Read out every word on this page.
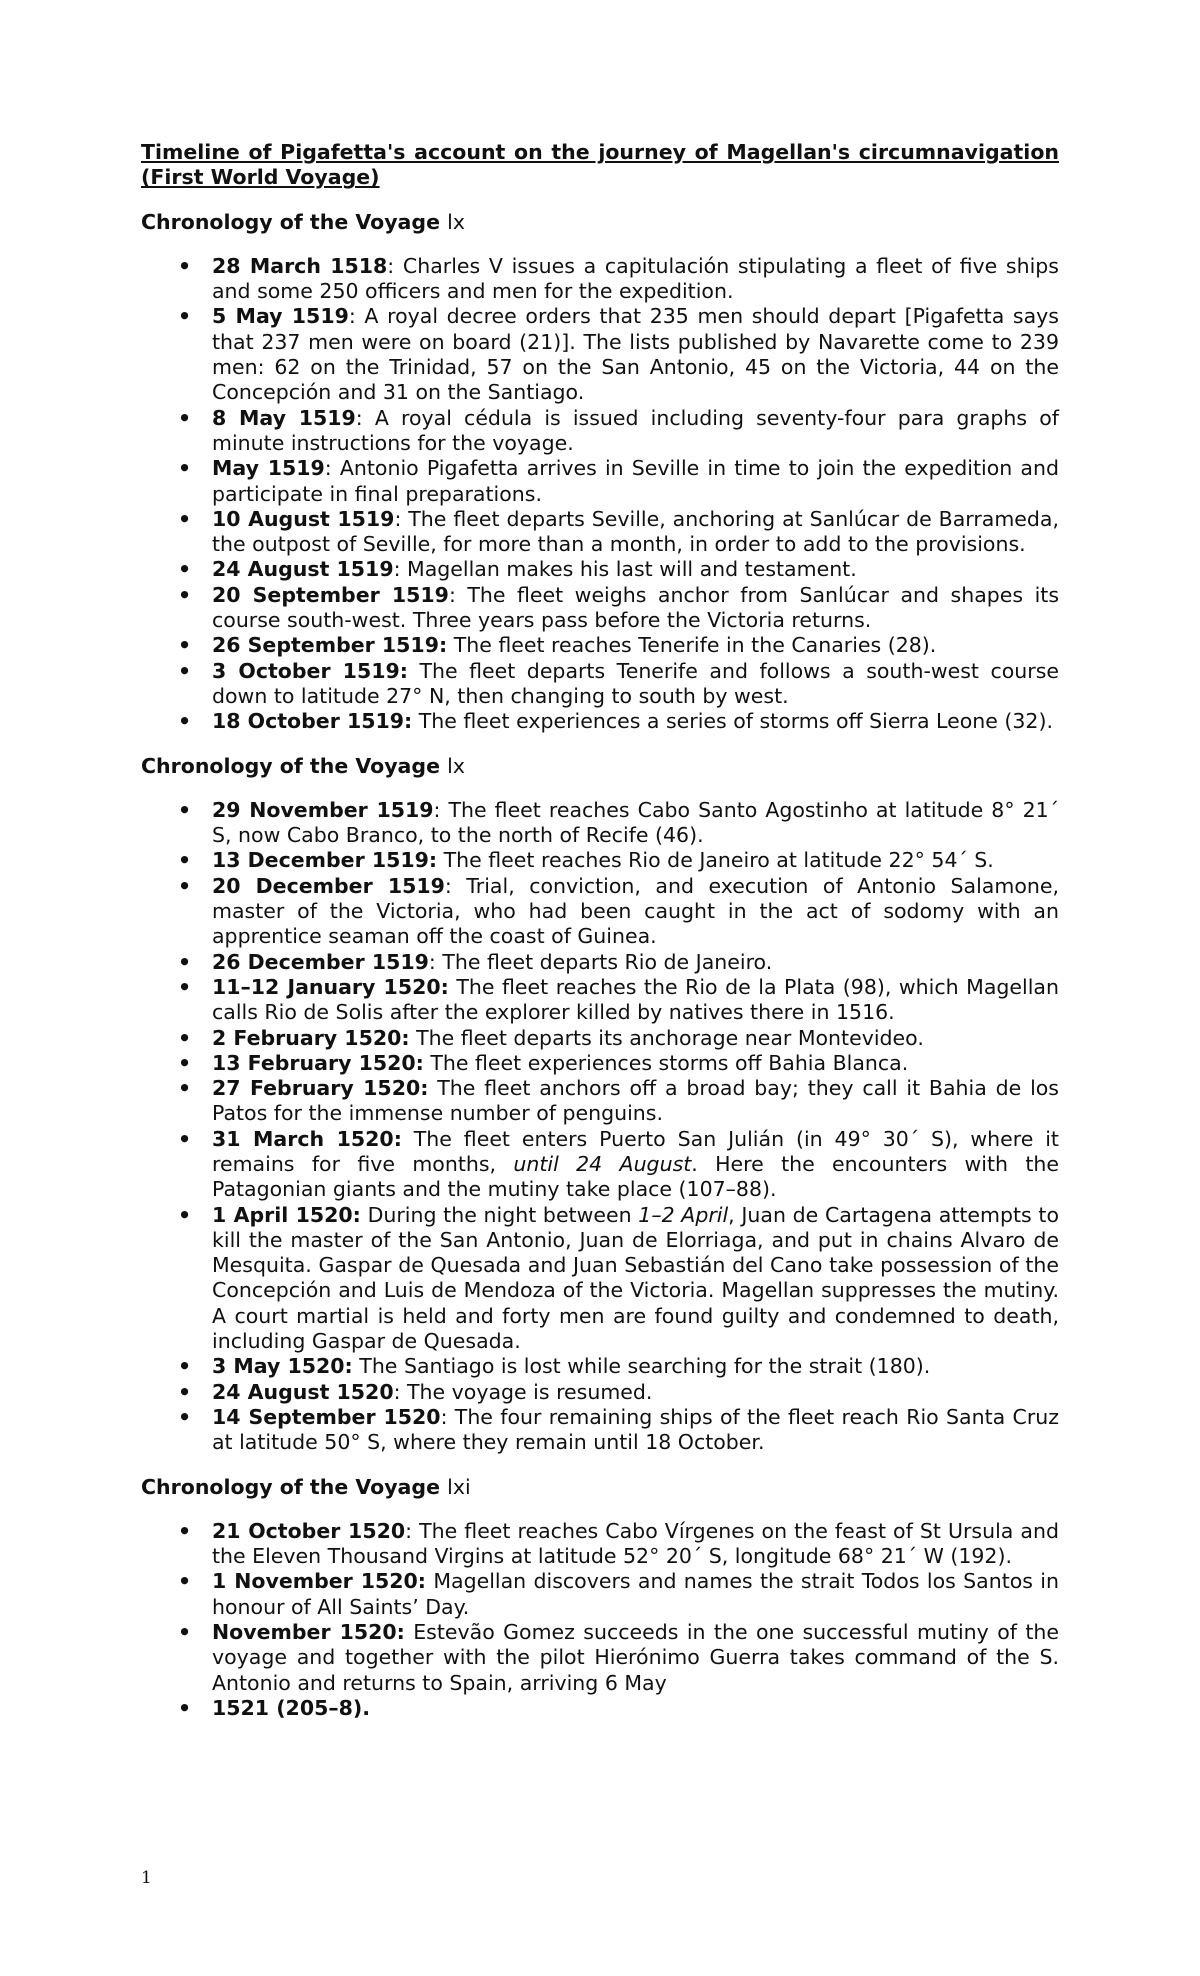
Timeline of Pigafetta's account on the journey of Magellan's circumnavigation (First World Voyage)

Chronology of the Voyage lx

• 28 March 1518: Charles V issues a capitulación stipulating a fleet of five ships and some 250 officers and men for the expedition.
• 5 May 1519: A royal decree orders that 235 men should depart [Pigafetta says that 237 men were on board (21)]. The lists published by Navarette come to 239 men: 62 on the Trinidad, 57 on the San Antonio, 45 on the Victoria, 44 on the Concepción and 31 on the Santiago.
• 8 May 1519: A royal cédula is issued including seventy-four para graphs of minute instructions for the voyage.
• May 1519: Antonio Pigafetta arrives in Seville in time to join the expedition and participate in final preparations.
• 10 August 1519: The fleet departs Seville, anchoring at Sanlúcar de Barrameda, the outpost of Seville, for more than a month, in order to add to the provisions.
• 24 August 1519: Magellan makes his last will and testament.
• 20 September 1519: The fleet weighs anchor from Sanlúcar and shapes its course south-west. Three years pass before the Victoria returns.
• 26 September 1519: The fleet reaches Tenerife in the Canaries (28).
• 3 October 1519: The fleet departs Tenerife and follows a south-west course down to latitude 27° N, then changing to south by west.
• 18 October 1519: The fleet experiences a series of storms off Sierra Leone (32).

Chronology of the Voyage lx

• 29 November 1519: The fleet reaches Cabo Santo Agostinho at latitude 8° 21´ S, now Cabo Branco, to the north of Recife (46).
• 13 December 1519: The fleet reaches Rio de Janeiro at latitude 22° 54´ S.
• 20 December 1519: Trial, conviction, and execution of Antonio Salamone, master of the Victoria, who had been caught in the act of sodomy with an apprentice seaman off the coast of Guinea.
• 26 December 1519: The fleet departs Rio de Janeiro.
• 11–12 January 1520: The fleet reaches the Rio de la Plata (98), which Magellan calls Rio de Solis after the explorer killed by natives there in 1516.
• 2 February 1520: The fleet departs its anchorage near Montevideo.
• 13 February 1520: The fleet experiences storms off Bahia Blanca.
• 27 February 1520: The fleet anchors off a broad bay; they call it Bahia de los Patos for the immense number of penguins.
• 31 March 1520: The fleet enters Puerto San Julián (in 49° 30´ S), where it remains for five months, until 24 August. Here the encounters with the Patagonian giants and the mutiny take place (107–88).
• 1 April 1520: During the night between 1–2 April, Juan de Cartagena attempts to kill the master of the San Antonio, Juan de Elorriaga, and put in chains Alvaro de Mesquita. Gaspar de Quesada and Juan Sebastián del Cano take possession of the Concepción and Luis de Mendoza of the Victoria. Magellan suppresses the mutiny. A court martial is held and forty men are found guilty and condemned to death, including Gaspar de Quesada.
• 3 May 1520: The Santiago is lost while searching for the strait (180).
• 24 August 1520: The voyage is resumed.
• 14 September 1520: The four remaining ships of the fleet reach Rio Santa Cruz at latitude 50° S, where they remain until 18 October.

Chronology of the Voyage lxi

• 21 October 1520: The fleet reaches Cabo Vírgenes on the feast of St Ursula and the Eleven Thousand Virgins at latitude 52° 20´ S, longitude 68° 21´ W (192).
• 1 November 1520: Magellan discovers and names the strait Todos los Santos in honour of All Saints’ Day.
• November 1520: Estevão Gomez succeeds in the one successful mutiny of the voyage and together with the pilot Hierónimo Guerra takes command of the S. Antonio and returns to Spain, arriving 6 May
• 1521 (205–8).
1
